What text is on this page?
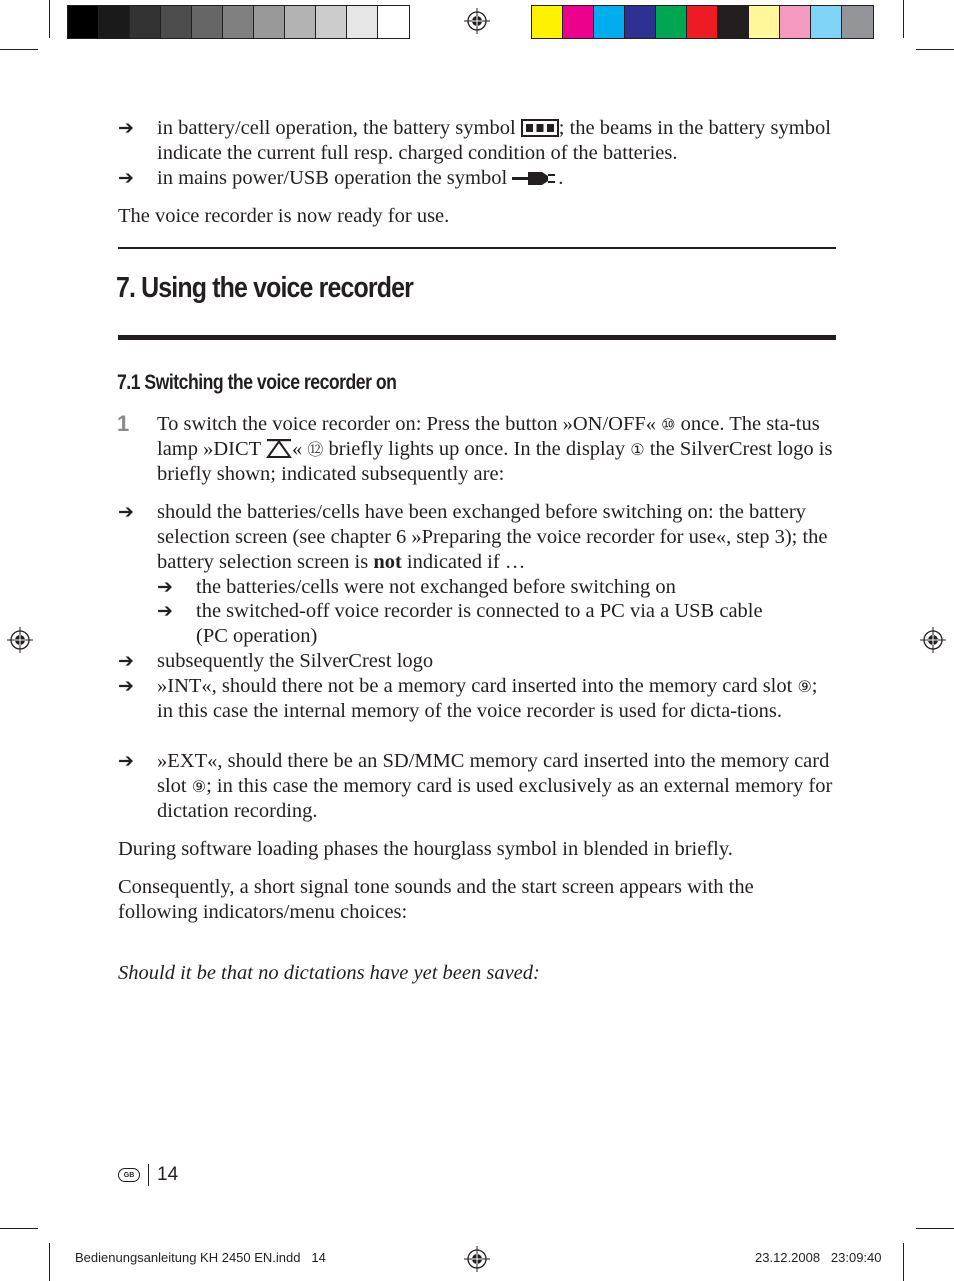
➔ in battery/cell operation, the battery symbol ; the beams in the battery symbol indicate the current full resp. charged condition of the batteries.
➔ in mains power/USB operation the symbol .

The voice recorder is now ready for use.

7. Using the voice recorder
7.1 Switching the voice recorder on
1 To switch the voice recorder on: Press the button »ON/OFF« ⑩ once. The sta-tus lamp »DICT « ⑫ briefly lights up once. In the display ① the SilverCrest logo is briefly shown; indicated subsequently are:
➔ should the batteries/cells have been exchanged before switching on: the battery selection screen (see chapter 6 »Preparing the voice recorder for use«, step 3); the battery selection screen is not indicated if …
➔ the batteries/cells were not exchanged before switching on
➔ the switched-off voice recorder is connected to a PC via a USB cable (PC operation)
➔ subsequently the SilverCrest logo
➔ »INT«, should there not be a memory card inserted into the memory card slot ⑨; in this case the internal memory of the voice recorder is used for dicta-tions.
➔ »EXT«, should there be an SD/MMC memory card inserted into the memory card slot ⑨; in this case the memory card is used exclusively as an external memory for dictation recording.

During software loading phases the hourglass symbol in blended in briefly.

Consequently, a short signal tone sounds and the start screen appears with the following indicators/menu choices:

Should it be that no dictations have yet been saved:

GB	14
Bedienungsanleitung KH 2450 EN.indd   14	23.12.2008   23:09:40
